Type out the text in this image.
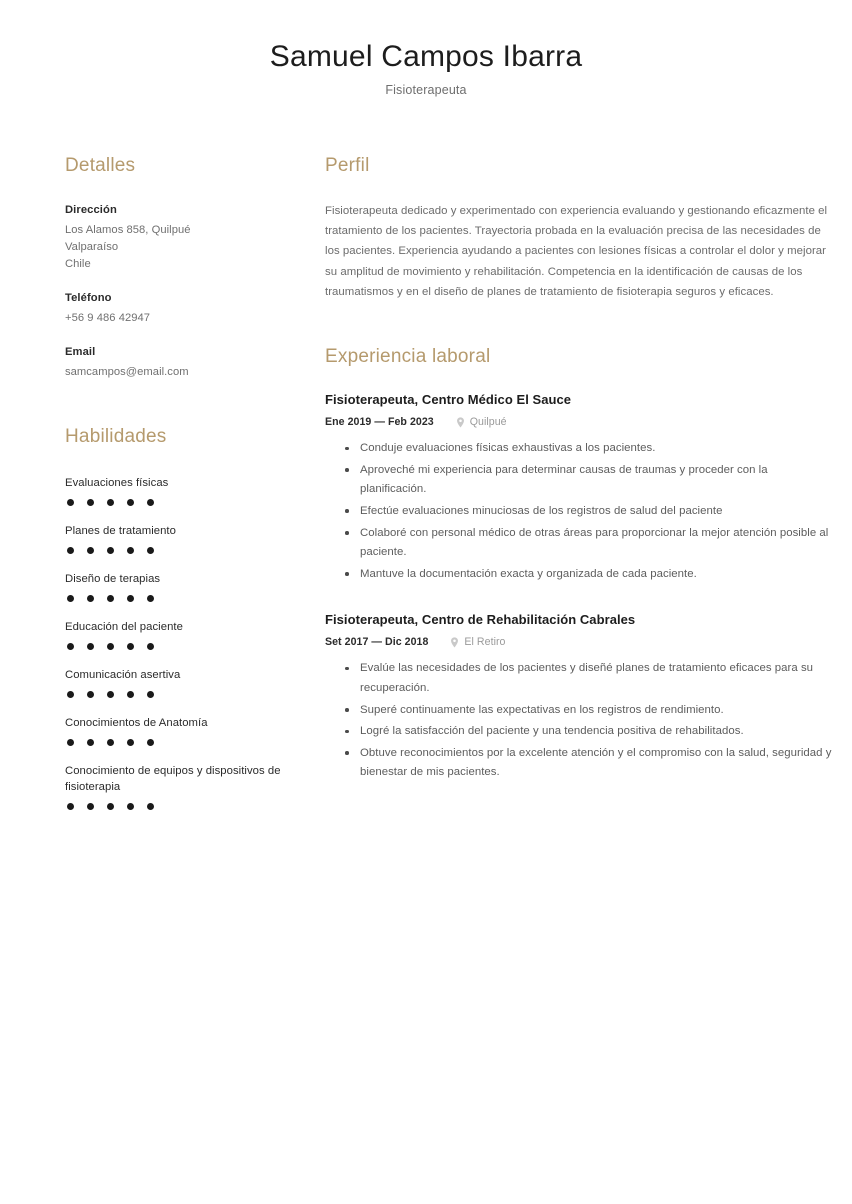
Samuel Campos Ibarra
Fisioterapeuta
Detalles
Dirección
Los Alamos 858, Quilpué
Valparaíso
Chile
Teléfono
+56 9 486 42947
Email
samcampos@email.com
Habilidades
Evaluaciones físicas
Planes de tratamiento
Diseño de terapias
Educación del paciente
Comunicación asertiva
Conocimientos de Anatomía
Conocimiento de equipos y dispositivos de fisioterapia
Perfil
Fisioterapeuta dedicado y experimentado con experiencia evaluando y gestionando eficazmente el tratamiento de los pacientes. Trayectoria probada en la evaluación precisa de las necesidades de los pacientes. Experiencia ayudando a pacientes con lesiones físicas a controlar el dolor y mejorar su amplitud de movimiento y rehabilitación. Competencia en la identificación de causas de los traumatismos y en el diseño de planes de tratamiento de fisioterapia seguros y eficaces.
Experiencia laboral
Fisioterapeuta, Centro Médico El Sauce
Ene 2019 — Feb 2023	Quilpué
Conduje evaluaciones físicas exhaustivas a los pacientes.
Aproveché mi experiencia para determinar causas de traumas y proceder con la planificación.
Efectúe evaluaciones minuciosas de los registros de salud del paciente
Colaboré con personal médico de otras áreas para proporcionar la mejor atención posible al paciente.
Mantuve la documentación exacta y organizada de cada paciente.
Fisioterapeuta, Centro de Rehabilitación Cabrales
Set 2017 — Dic 2018	El Retiro
Evalúe las necesidades de los pacientes y diseñé planes de tratamiento eficaces para su recuperación.
Superé continuamente las expectativas en los registros de rendimiento.
Logré la satisfacción del paciente y una tendencia positiva de rehabilitados.
Obtuve reconocimientos por la excelente atención y el compromiso con la salud, seguridad y bienestar de mis pacientes.
